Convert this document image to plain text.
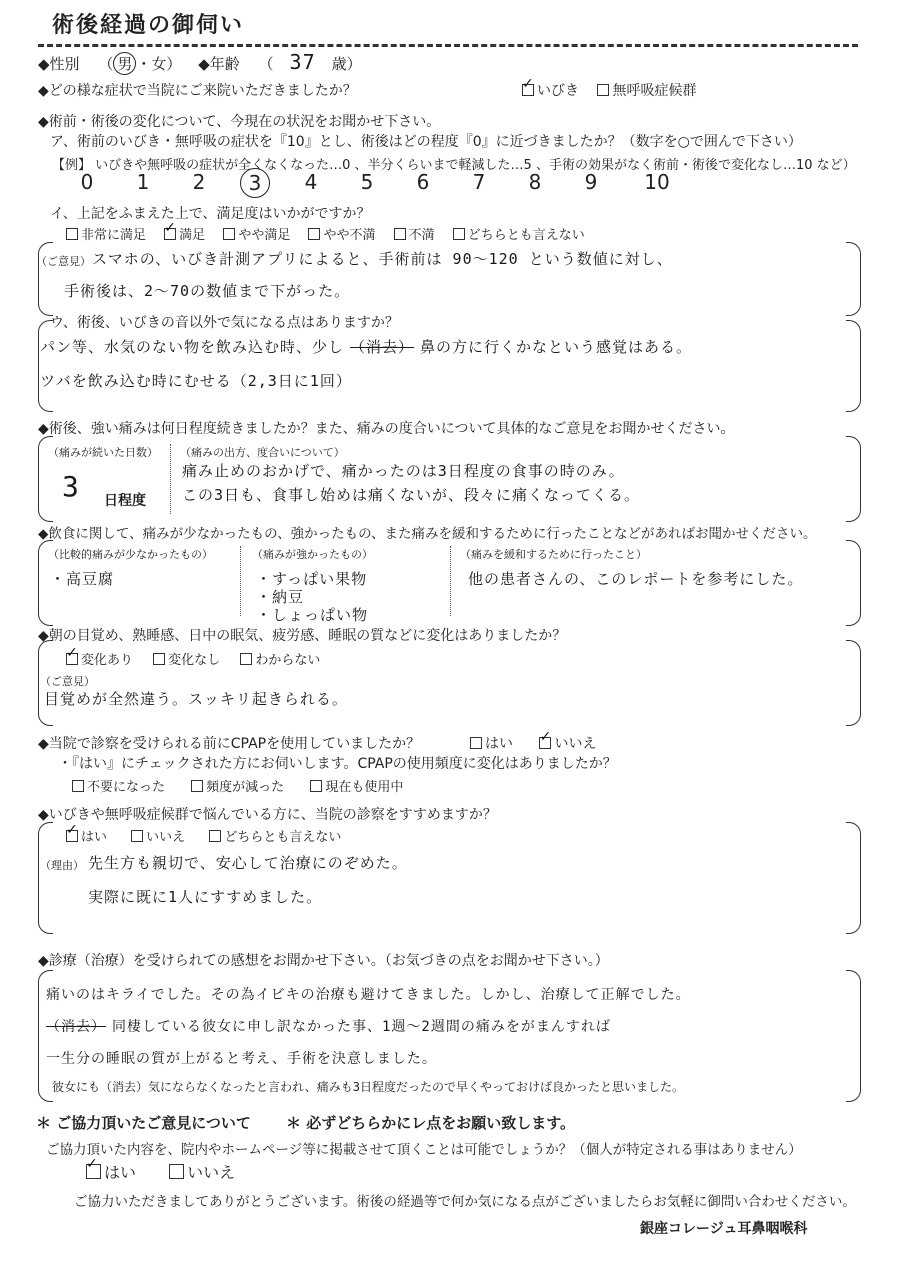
術後経過の御伺い
◆性別 （ 男 ・女） ◆年齢 （ 37 歳）
◆どの様な症状で当院にご来院いただきましたか？ ✓	いびき 無呼吸症候群
◆術前・術後の変化について、今現在の状況をお聞かせ下さい。
ア、術前のいびき・無呼吸の症状を『10』とし、術後はどの程度『0』に近づきましたか？（数字を○で囲んで下さい）
【例】 いびきや無呼吸の症状が全くなくなった…0 、半分くらいまで軽減した…5 、手術の効果がなく術前・術後で変化なし…10 など）
0	1	2	3	4	5	6	7	8	9	10
イ、上記をふまえた上で、満足度はいかがですか？
非常に満足 ✓	満足	やや満足	やや不満	不満	どちらとも言えない
（ご意見） スマホの、いびき計測アプリによると、手術前は 90〜120 という数値に対し、
手術後は、2〜70の数値まで下がった。
ウ、術後、いびきの音以外で気になる点はありますか？
パン等、水気のない物を飲み込む時、少し （消去） 鼻の方に行くかなという感覚はある。
ツバを飲み込む時にむせる（2,3日に1回）
◆術後、強い痛みは何日程度続きましたか？また、痛みの度合いについて具体的なご意見をお聞かせください。
（痛みが続いた日数）
3 日程度
（痛みの出方、度合いについて）
痛み止めのおかげで、痛かったのは3日程度の食事の時のみ。
この3日も、食事し始めは痛くないが、段々に痛くなってくる。
◆飲食に関して、痛みが少なかったもの、強かったもの、また痛みを緩和するために行ったことなどがあればお聞かせください。
（比較的痛みが少なかったもの）
・高豆腐
（痛みが強かったもの）
・すっぱい果物
・納豆
・しょっぱい物
（痛みを緩和するために行ったこと）
他の患者さんの、このレポートを参考にした。
◆朝の目覚め、熟睡感、日中の眠気、疲労感、睡眠の質などに変化はありましたか？
✓変化あり	変化なし	わからない
（ご意見）
目覚めが全然違う。スッキリ起きられる。
◆当院で診察を受けられる前にCPAPを使用していましたか？	はい ✓	いいえ
・『はい』にチェックされた方にお伺いします。CPAPの使用頻度に変化はありましたか？
不要になった	頻度が減った	現在も使用中
◆いびきや無呼吸症候群で悩んでいる方に、当院の診察をすすめますか？
✓はい	いいえ	どちらとも言えない
（理由） 先生方も親切で、安心して治療にのぞめた。
実際に既に1人にすすめました。
◆診療（治療）を受けられての感想をお聞かせ下さい。（お気づきの点をお聞かせ下さい。）
痛いのはキライでした。その為イビキの治療も避けてきました。しかし、治療して正解でした。
（消去） 同棲している彼女に申し訳なかった事、1週〜2週間の痛みをがまんすれば
一生分の睡眠の質が上がると考え、手術を決意しました。
彼女にも（消去）気にならなくなったと言われ、痛みも3日程度だったので早くやっておけば良かったと思いました。
＊ ご協力頂いたご意見について ＊ 必ずどちらかにレ点をお願い致します。
ご協力頂いた内容を、院内やホームページ等に掲載させて頂くことは可能でしょうか？（個人が特定される事はありません）
✓はい	いいえ
ご協力いただきましてありがとうございます。術後の経過等で何か気になる点がございましたらお気軽に御問い合わせください。
銀座コレージュ耳鼻咽喉科
